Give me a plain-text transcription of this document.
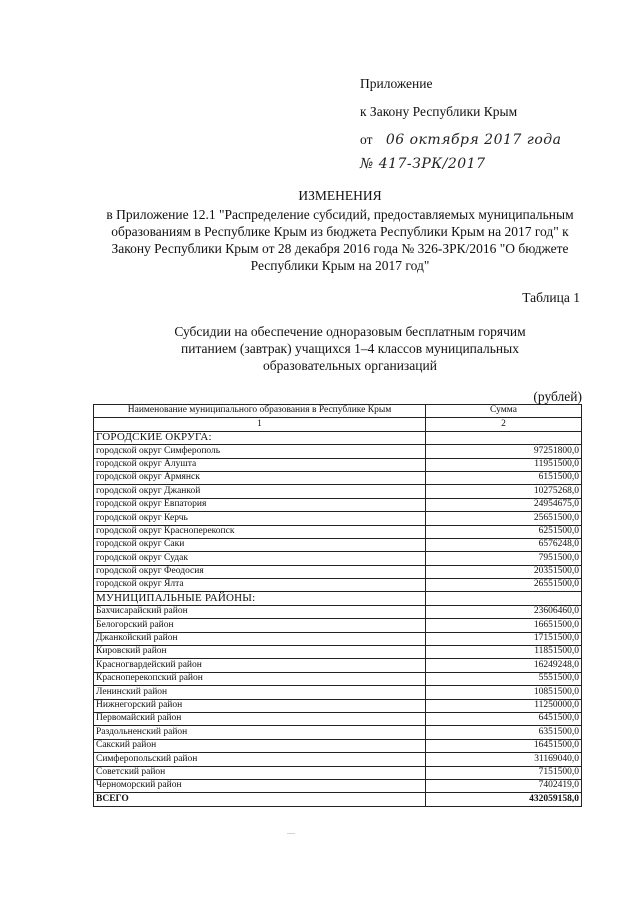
Приложение
к Закону Республики Крым
от 06 октября 2017 года
№ 417-ЗРК/2017
ИЗМЕНЕНИЯ
в Приложение 12.1 "Распределение субсидий, предоставляемых муниципальным образованиям в Республике Крым из бюджета Республики Крым на 2017 год" к Закону Республики Крым от 28 декабря 2016 года № 326-ЗРК/2016 "О бюджете Республики Крым на 2017 год"
Таблица 1
Субсидии на обеспечение одноразовым бесплатным горячим питанием (завтрак) учащихся 1–4 классов муниципальных образовательных организаций
(рублей)
Наименование муниципального образования в Республике Крым	Сумма
1	2
ГОРОДСКИЕ ОКРУГА:	
городской округ Симферополь	97251800,0
городской округ Алушта	11951500,0
городской округ Армянск	6151500,0
городской округ Джанкой	10275268,0
городской округ Евпатория	24954675,0
городской округ Керчь	25651500,0
городской округ Красноперекопск	6251500,0
городской округ Саки	6576248,0
городской округ Судак	7951500,0
городской округ Феодосия	20351500,0
городской округ Ялта	26551500,0
МУНИЦИПАЛЬНЫЕ РАЙОНЫ:	
Бахчисарайский район	23606460,0
Белогорский район	16651500,0
Джанкойский район	17151500,0
Кировский район	11851500,0
Красногвардейский район	16249248,0
Красноперекопский район	5551500,0
Ленинский район	10851500,0
Нижнегорский район	11250000,0
Первомайский район	6451500,0
Раздольненский район	6351500,0
Сакский район	16451500,0
Симферопольский район	31169040,0
Советский район	7151500,0
Черноморский район	7402419,0
ВСЕГО	432059158,0
—
